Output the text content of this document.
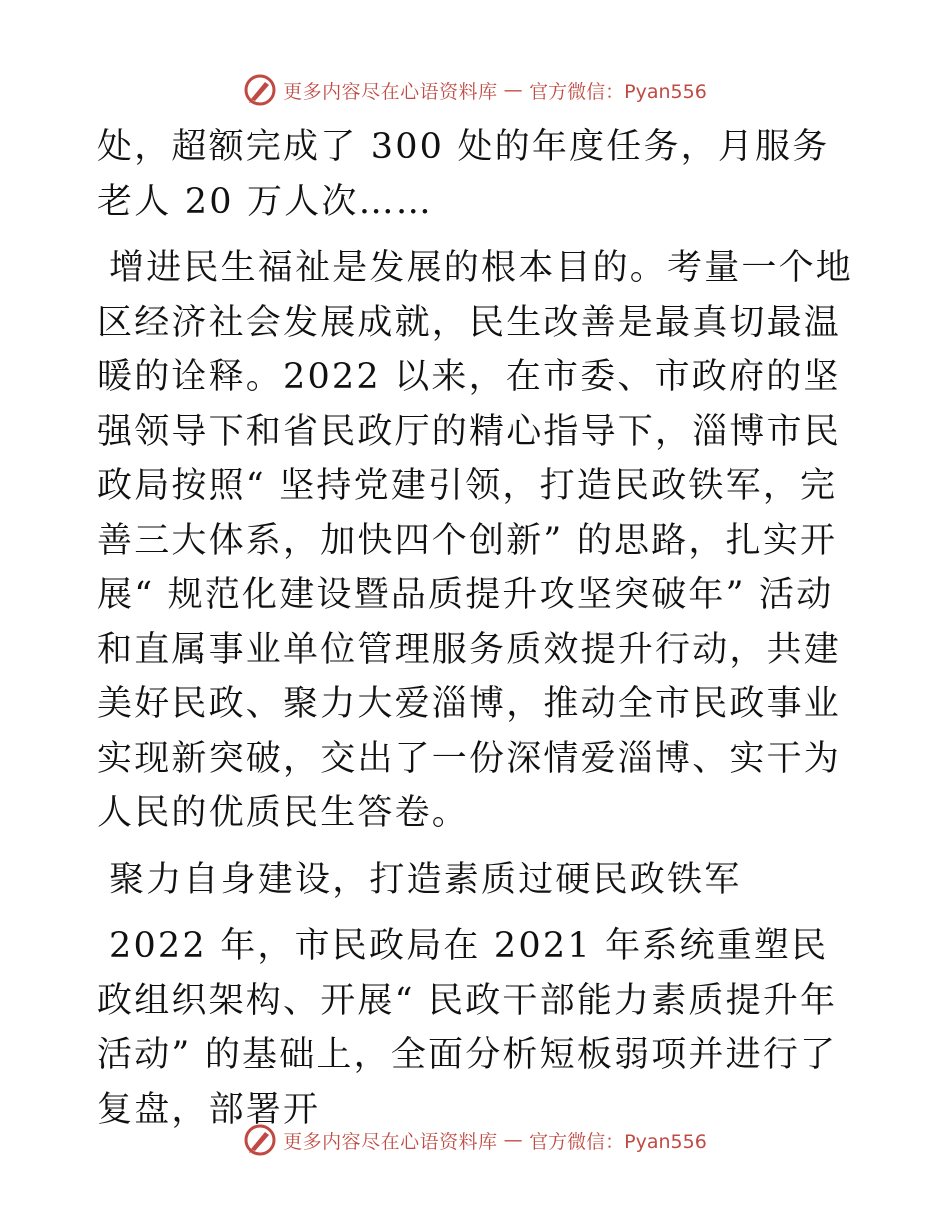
更多内容尽在心语资料库 — 官方微信：Pyan556

处，超额完成了 300 处的年度任务，月服务老人 20 万人次……

增进民生福祉是发展的根本目的。考量一个地区经济社会发展成就，民生改善是最真切最温暖的诠释。2022 以来，在市委、市政府的坚强领导下和省民政厅的精心指导下，淄博市民政局按照“ 坚持党建引领，打造民政铁军，完善三大体系，加快四个创新” 的思路，扎实开展“ 规范化建设暨品质提升攻坚突破年” 活动和直属事业单位管理服务质效提升行动，共建美好民政、聚力大爱淄博，推动全市民政事业实现新突破，交出了一份深情爱淄博、实干为人民的优质民生答卷。

聚力自身建设，打造素质过硬民政铁军

2022 年，市民政局在 2021 年系统重塑民政组织架构、开展“ 民政干部能力素质提升年活动” 的基础上，全面分析短板弱项并进行了复盘，部署开

更多内容尽在心语资料库 — 官方微信：Pyan556
